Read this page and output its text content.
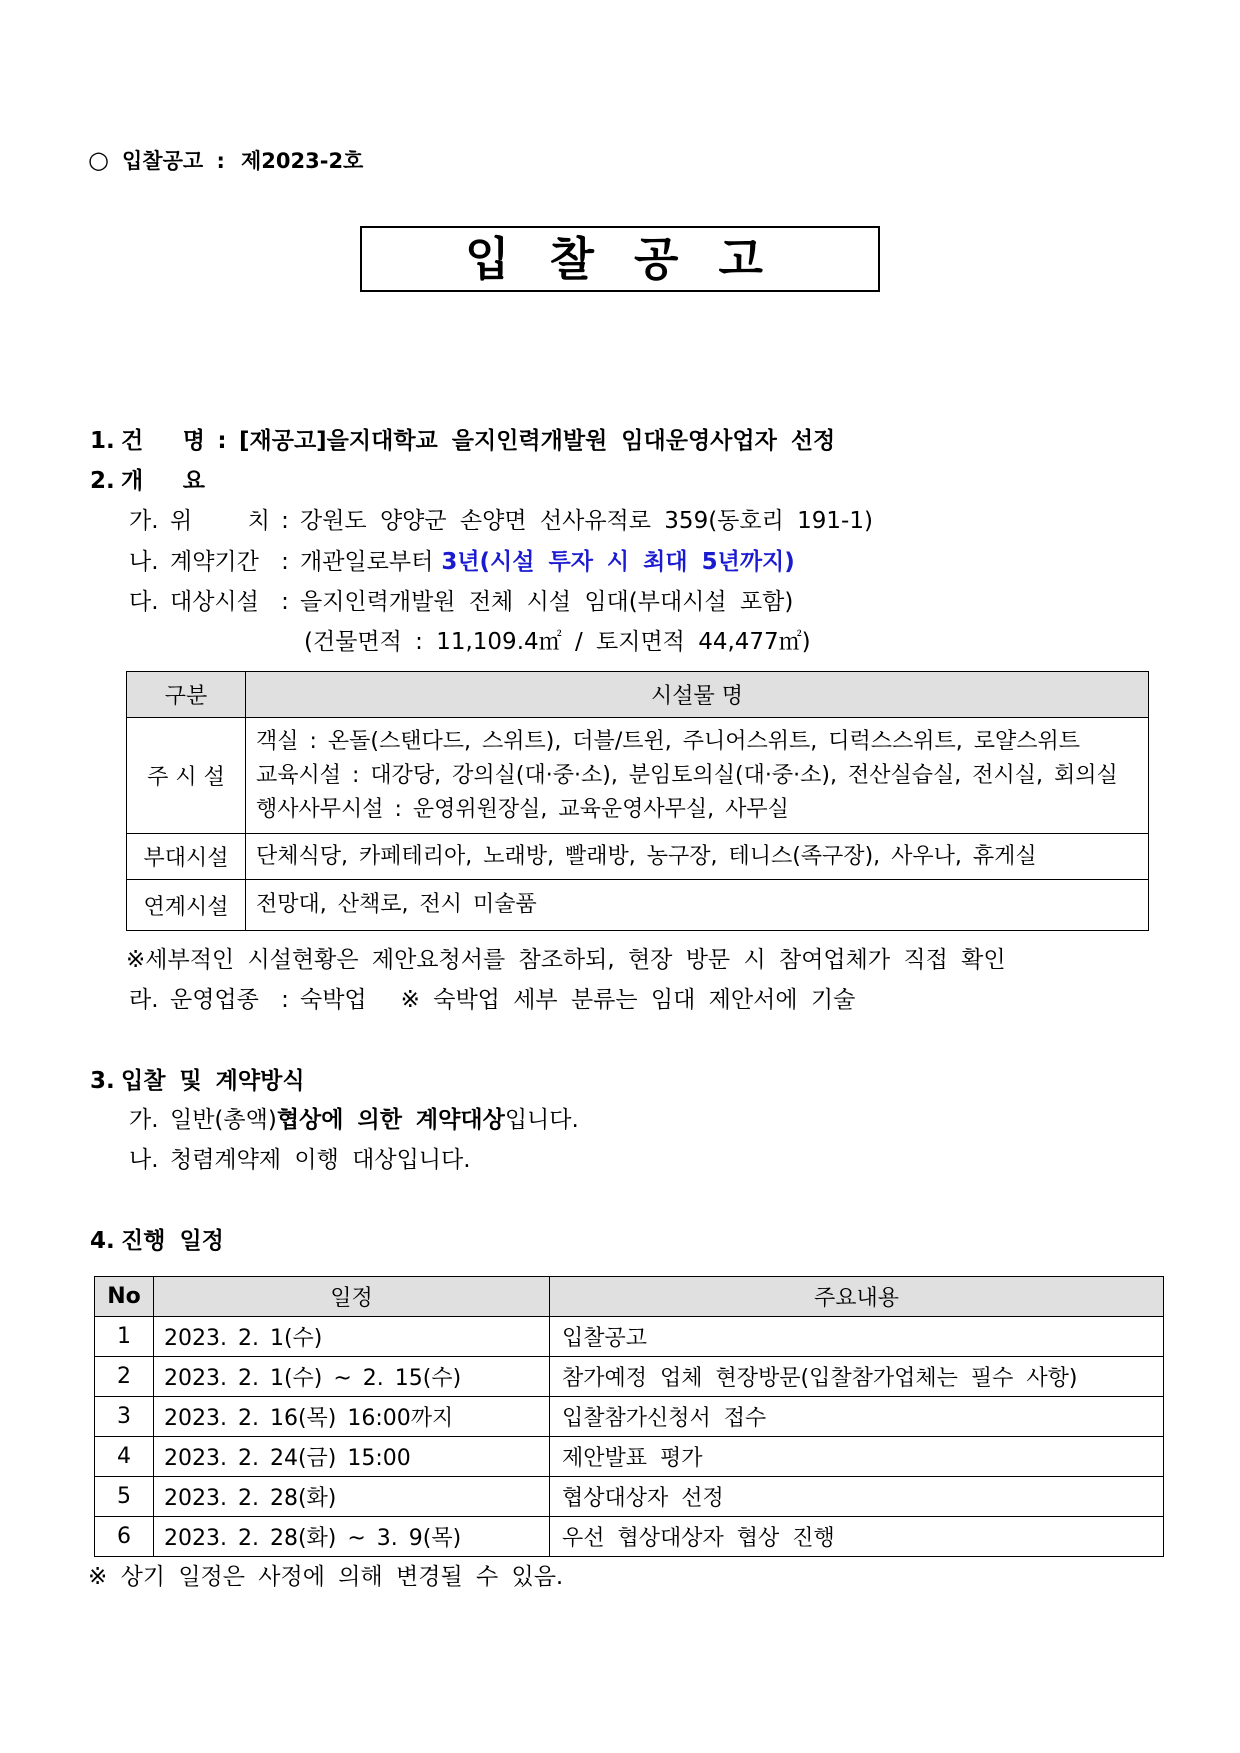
○ 입찰공고 : 제2023-2호
입 찰 공 고
1. 건 명 : [재공고]을지대학교 을지인력개발원 임대운영사업자 선정
2. 개 요
가. 위 치 : 강원도 양양군 손양면 선사유적로 359(동호리 191-1)
나. 계약기간 : 개관일로부터 3년(시설 투자 시 최대 5년까지)
다. 대상시설 : 을지인력개발원 전체 시설 임대(부대시설 포함)
(건물면적 : 11,109.4㎡ / 토지면적 44,477㎡)
구분	시설물 명
주 시 설	객실 : 온돌(스탠다드, 스위트), 더블/트윈, 주니어스위트, 디럭스스위트, 로얄스위트
교육시설 : 대강당, 강의실(대·중·소), 분임토의실(대·중·소), 전산실습실, 전시실, 회의실
행사사무시설 : 운영위원장실, 교육운영사무실, 사무실

부대시설	단체식당, 카페테리아, 노래방, 빨래방, 농구장, 테니스(족구장), 사우나, 휴게실

연계시설	전망대, 산책로, 전시 미술품
※세부적인 시설현황은 제안요청서를 참조하되, 현장 방문 시 참여업체가 직접 확인
라. 운영업종 : 숙박업 ※ 숙박업 세부 분류는 임대 제안서에 기술
3. 입찰 및 계약방식
가. 일반(총액) 협상에 의한 계약대상 입니다.
나. 청렴계약제 이행 대상입니다.
4. 진행 일정
No	일정	주요내용
1	2023. 2. 1(수)	입찰공고
2	2023. 2. 1(수) ~ 2. 15(수)	참가예정 업체 현장방문(입찰참가업체는 필수 사항)
3	2023. 2. 16(목) 16:00까지	입찰참가신청서 접수
4	2023. 2. 24(금) 15:00	제안발표 평가
5	2023. 2. 28(화)	협상대상자 선정
6	2023. 2. 28(화) ~ 3. 9(목)	우선 협상대상자 협상 진행
※ 상기 일정은 사정에 의해 변경될 수 있음.
